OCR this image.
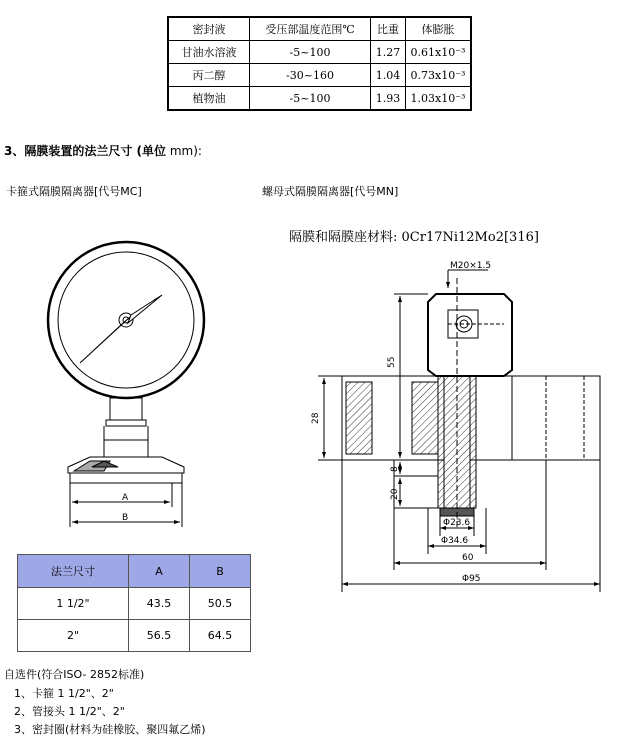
密封液	受压部温度范围℃	比重	体膨胀
甘油水溶液	-5~100	1.27	0.61x10⁻³
丙二醇	-30~160	1.04	0.73x10⁻³
植物油	-5~100	1.93	1.03x10⁻³
3、隔膜装置的法兰尺寸 (单位 mm):
卡箍式隔膜隔离器[代号MC]	螺母式隔膜隔离器[代号MN]
隔膜和隔膜座材料: 0Cr17Ni12Mo2[316]
A
B
M20×1.5
55
28
8
20
Φ23.6
Φ34.6
60
Φ95
法兰尺寸	A	B
1 1/2"	43.5	50.5
2"	56.5	64.5
自选件(符合ISO- 2852标准)
1、卡箍 1 1/2"、2"
2、管接头 1 1/2"、2"
3、密封圈(材料为硅橡胶、聚四氟乙烯)
